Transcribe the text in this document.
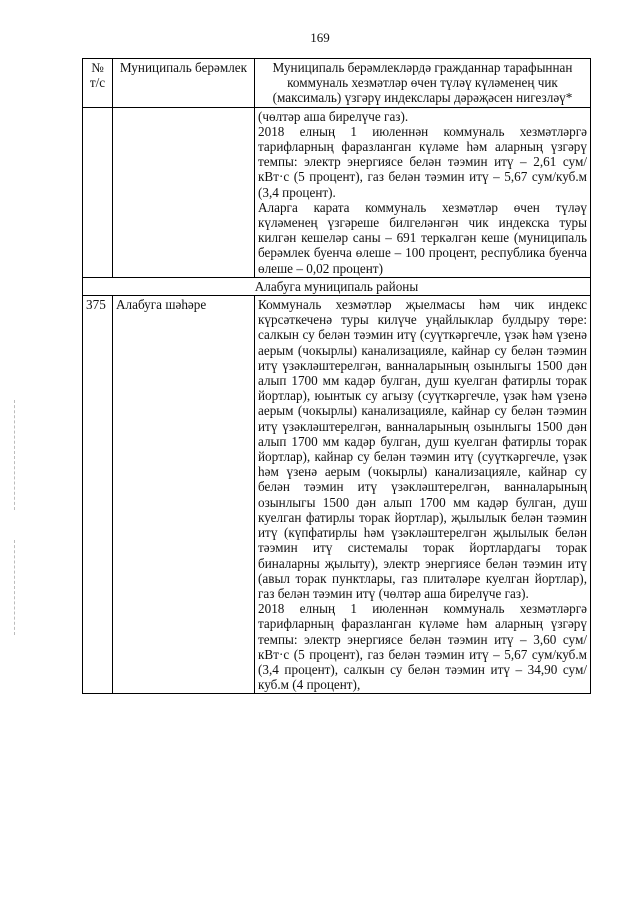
169
№ т/с	Муниципаль берәмлек	Муниципаль берәмлекләрдә гражданнар тарафыннан коммуналь хезмәтләр өчен түләү күләменең чик (максималь) үзгәрү индекслары дәрәҗәсен нигезләү*

		(чөлтәр аша бирелүче газ).

2018 елның 1 июленнән коммуналь хезмәтләргә тарифларның фаразланган күләме һәм аларның үзгәрү темпы: электр энергиясе белән тәэмин итү – 2,61 сум/кВт·с (5 процент), газ белән тәэмин итү – 5,67 сум/куб.м (3,4 процент).

Аларга карата коммуналь хезмәтләр өчен түләү күләменең үзгәреше билгеләнгән чик индекска туры килгән кешеләр саны – 691 теркәлгән кеше (муниципаль берәмлек буенча өлеше – 100 процент, республика буенча өлеше – 0,02 процент)

Алабуга муниципаль районы		
375	Алабуга шәһәре	Коммуналь хезмәтләр җыелмасы һәм чик индекс күрсәткеченә туры килүче уңайлыклар булдыру төре: салкын су белән тәэмин итү (суүткәргечле, үзәк һәм үзенә аерым (чокырлы) канализацияле, кайнар су белән тәэмин итү үзәкләштерелгән, ванналарының озынлыгы 1500 дән алып 1700 мм кадәр булган, душ куелган фатирлы торак йортлар), юынтык су агызу (суүткәргечле, үзәк һәм үзенә аерым (чокырлы) канализацияле, кайнар су белән тәэмин итү үзәкләштерелгән, ванналарының озынлыгы 1500 дән алып 1700 мм кадәр булган, душ куелган фатирлы торак йортлар), кайнар су белән тәэмин итү (суүткәргечле, үзәк һәм үзенә аерым (чокырлы) канализацияле, кайнар су белән тәэмин итү үзәкләштерелгән, ванналарының озынлыгы 1500 дән алып 1700 мм кадәр булган, душ куелган фатирлы торак йортлар), җылылык белән тәэмин итү (күпфатирлы һәм үзәкләштерелгән җылылык белән тәэмин итү системалы торак йортлардагы торак биналарны җылыту), электр энергиясе белән тәэмин итү (авыл торак пунктлары, газ плитәләре куелган йортлар), газ белән тәэмин итү (чөлтәр аша бирелүче газ).

2018 елның 1 июленнән коммуналь хезмәтләргә тарифларның фаразланган күләме һәм аларның үзгәрү темпы: электр энергиясе белән тәэмин итү – 3,60 сум/кВт·с (5 процент), газ белән тәэмин итү – 5,67 сум/куб.м (3,4 процент), салкын су белән тәэмин итү – 34,90 сум/куб.м (4 процент),
